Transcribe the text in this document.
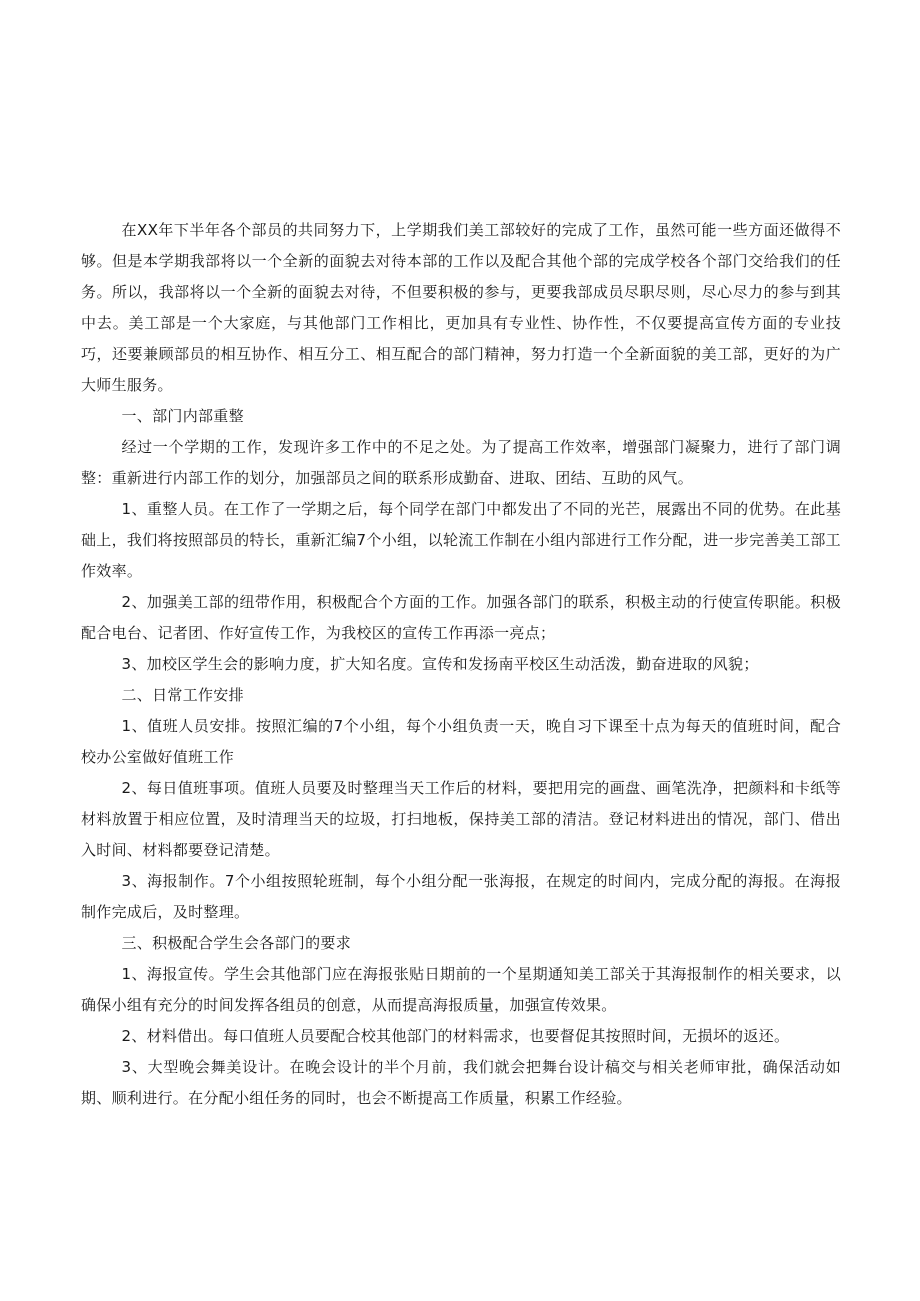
在XX年下半年各个部员的共同努力下，上学期我们美工部较好的完成了工作，虽然可能一些方面还做得不够。但是本学期我部将以一个全新的面貌去对待本部的工作以及配合其他个部的完成学校各个部门交给我们的任务。所以，我部将以一个全新的面貌去对待，不但要积极的参与，更要我部成员尽职尽则，尽心尽力的参与到其中去。美工部是一个大家庭，与其他部门工作相比，更加具有专业性、协作性，不仅要提高宣传方面的专业技巧，还要兼顾部员的相互协作、相互分工、相互配合的部门精神，努力打造一个全新面貌的美工部，更好的为广大师生服务。

一、部门内部重整

经过一个学期的工作，发现许多工作中的不足之处。为了提高工作效率，增强部门凝聚力，进行了部门调整：重新进行内部工作的划分，加强部员之间的联系形成勤奋、进取、团结、互助的风气。

1、重整人员。在工作了一学期之后，每个同学在部门中都发出了不同的光芒，展露出不同的优势。在此基础上，我们将按照部员的特长，重新汇编7个小组，以轮流工作制在小组内部进行工作分配，进一步完善美工部工作效率。

2、加强美工部的纽带作用，积极配合个方面的工作。加强各部门的联系，积极主动的行使宣传职能。积极配合电台、记者团、作好宣传工作，为我校区的宣传工作再添一亮点；

3、加校区学生会的影响力度，扩大知名度。宣传和发扬南平校区生动活泼，勤奋进取的风貌；

二、日常工作安排

1、值班人员安排。按照汇编的7个小组，每个小组负责一天，晚自习下课至十点为每天的值班时间，配合校办公室做好值班工作

2、每日值班事项。值班人员要及时整理当天工作后的材料，要把用完的画盘、画笔洗净，把颜料和卡纸等材料放置于相应位置，及时清理当天的垃圾，打扫地板，保持美工部的清洁。登记材料进出的情况，部门、借出入时间、材料都要登记清楚。

3、海报制作。7个小组按照轮班制，每个小组分配一张海报，在规定的时间内，完成分配的海报。在海报制作完成后，及时整理。

三、积极配合学生会各部门的要求

1、海报宣传。学生会其他部门应在海报张贴日期前的一个星期通知美工部关于其海报制作的相关要求，以确保小组有充分的时间发挥各组员的创意，从而提高海报质量，加强宣传效果。

2、材料借出。每口值班人员要配合校其他部门的材料需求，也要督促其按照时间，无损坏的返还。

3、大型晚会舞美设计。在晚会设计的半个月前，我们就会把舞台设计稿交与相关老师审批，确保活动如期、顺利进行。在分配小组任务的同时，也会不断提高工作质量，积累工作经验。
